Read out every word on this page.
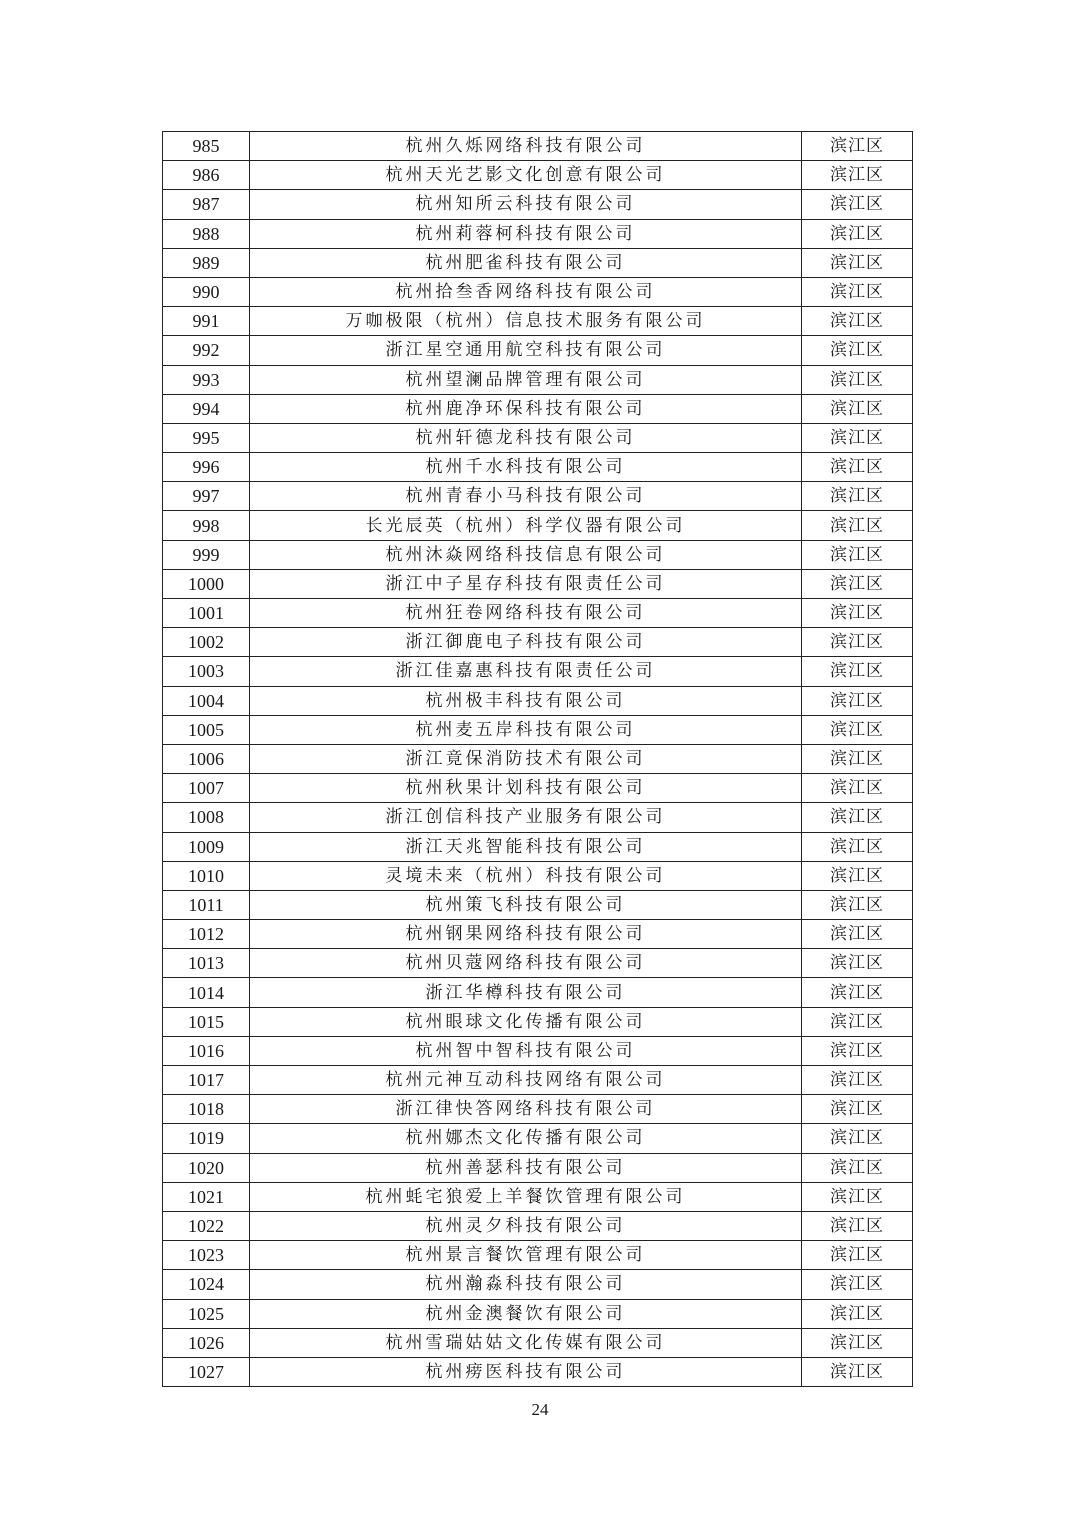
985	杭州久烁网络科技有限公司	滨江区
986	杭州天光艺影文化创意有限公司	滨江区
987	杭州知所云科技有限公司	滨江区
988	杭州莉蓉柯科技有限公司	滨江区
989	杭州肥雀科技有限公司	滨江区
990	杭州拾叁香网络科技有限公司	滨江区
991	万咖极限（杭州）信息技术服务有限公司	滨江区
992	浙江星空通用航空科技有限公司	滨江区
993	杭州望澜品牌管理有限公司	滨江区
994	杭州鹿净环保科技有限公司	滨江区
995	杭州轩德龙科技有限公司	滨江区
996	杭州千水科技有限公司	滨江区
997	杭州青春小马科技有限公司	滨江区
998	长光辰英（杭州）科学仪器有限公司	滨江区
999	杭州沐焱网络科技信息有限公司	滨江区
1000	浙江中子星存科技有限责任公司	滨江区
1001	杭州狂卷网络科技有限公司	滨江区
1002	浙江御鹿电子科技有限公司	滨江区
1003	浙江佳嘉惠科技有限责任公司	滨江区
1004	杭州极丰科技有限公司	滨江区
1005	杭州麦五岸科技有限公司	滨江区
1006	浙江竟保消防技术有限公司	滨江区
1007	杭州秋果计划科技有限公司	滨江区
1008	浙江创信科技产业服务有限公司	滨江区
1009	浙江天兆智能科技有限公司	滨江区
1010	灵境未来（杭州）科技有限公司	滨江区
1011	杭州策飞科技有限公司	滨江区
1012	杭州钢果网络科技有限公司	滨江区
1013	杭州贝蔻网络科技有限公司	滨江区
1014	浙江华樽科技有限公司	滨江区
1015	杭州眼球文化传播有限公司	滨江区
1016	杭州智中智科技有限公司	滨江区
1017	杭州元神互动科技网络有限公司	滨江区
1018	浙江律快答网络科技有限公司	滨江区
1019	杭州娜杰文化传播有限公司	滨江区
1020	杭州善瑟科技有限公司	滨江区
1021	杭州蚝宅狼爱上羊餐饮管理有限公司	滨江区
1022	杭州灵夕科技有限公司	滨江区
1023	杭州景言餐饮管理有限公司	滨江区
1024	杭州瀚淼科技有限公司	滨江区
1025	杭州金澳餐饮有限公司	滨江区
1026	杭州雪瑞姑姑文化传媒有限公司	滨江区
1027	杭州痨医科技有限公司	滨江区
24
